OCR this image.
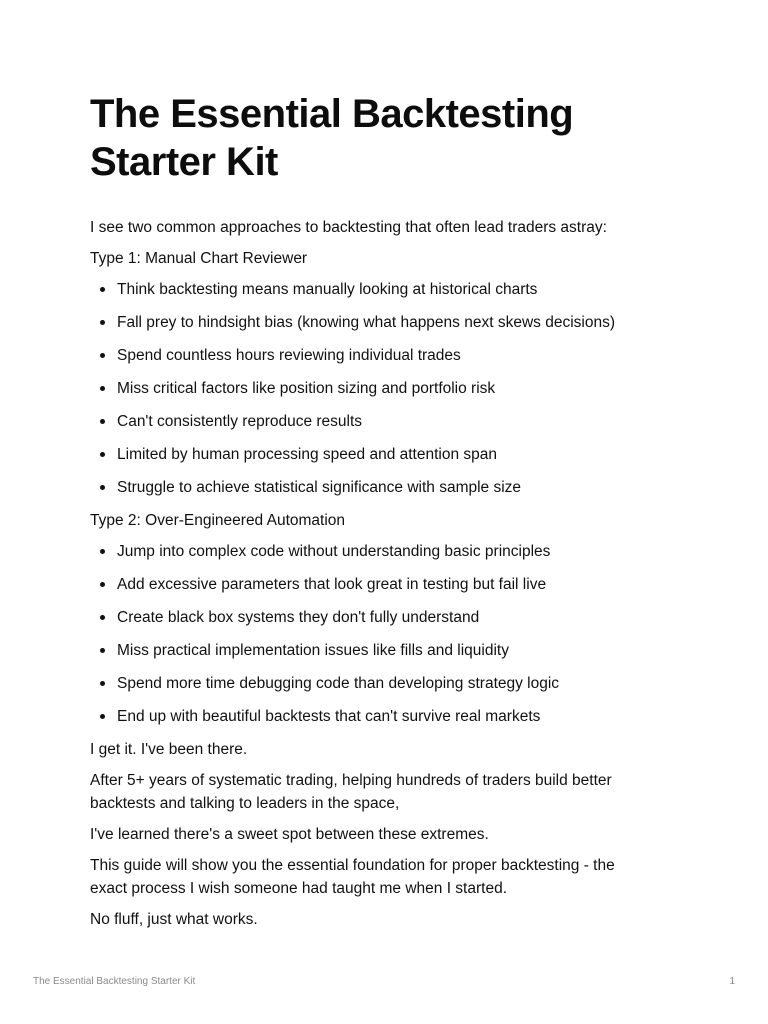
The Essential Backtesting
Starter Kit

I see two common approaches to backtesting that often lead traders astray:

Type 1: Manual Chart Reviewer

Think backtesting means manually looking at historical charts
Fall prey to hindsight bias (knowing what happens next skews decisions)
Spend countless hours reviewing individual trades
Miss critical factors like position sizing and portfolio risk
Can't consistently reproduce results
Limited by human processing speed and attention span
Struggle to achieve statistical significance with sample size

Type 2: Over-Engineered Automation

Jump into complex code without understanding basic principles
Add excessive parameters that look great in testing but fail live
Create black box systems they don't fully understand
Miss practical implementation issues like fills and liquidity
Spend more time debugging code than developing strategy logic
End up with beautiful backtests that can't survive real markets

I get it. I've been there.

After 5+ years of systematic trading, helping hundreds of traders build better
backtests and talking to leaders in the space,

I've learned there's a sweet spot between these extremes.

This guide will show you the essential foundation for proper backtesting - the
exact process I wish someone had taught me when I started.

No fluff, just what works.

The Essential Backtesting Starter Kit	1
